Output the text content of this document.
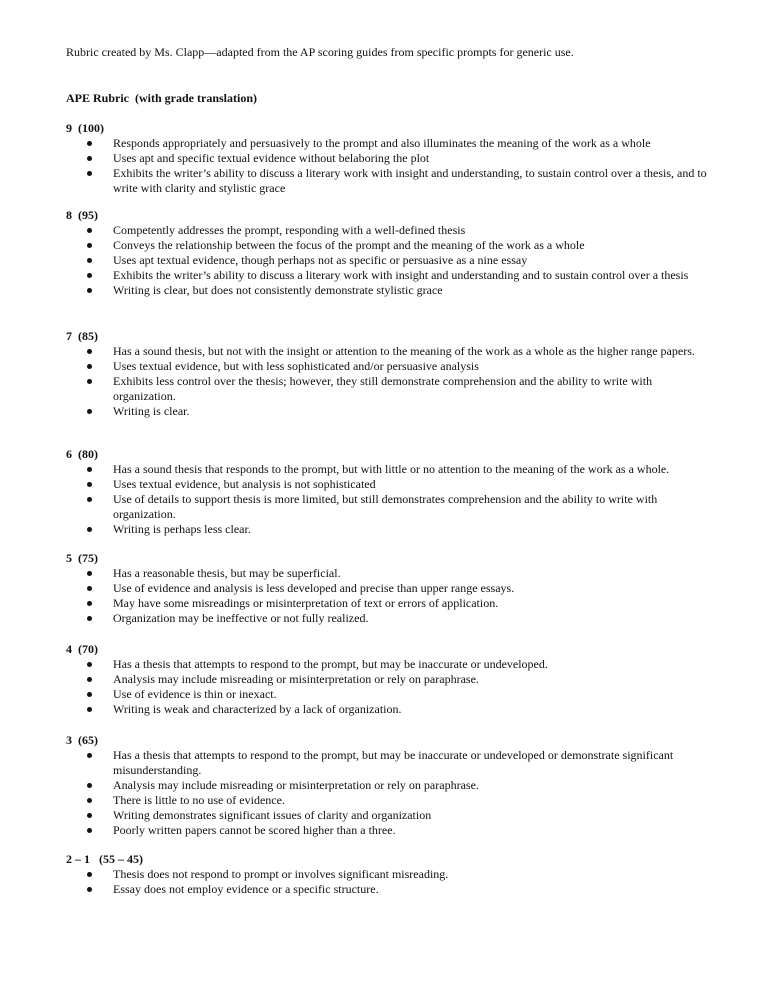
Rubric created by Ms. Clapp—adapted from the AP scoring guides from specific prompts for generic use.

APE Rubric  (with grade translation)

9  (100)
Responds appropriately and persuasively to the prompt and also illuminates the meaning of the work as a whole
Uses apt and specific textual evidence without belaboring the plot
Exhibits the writer’s ability to discuss a literary work with insight and understanding, to sustain control over a thesis, and to write with clarity and stylistic grace
8  (95)
Competently addresses the prompt, responding with a well-defined thesis
Conveys the relationship between the focus of the prompt and the meaning of the work as a whole
Uses apt textual evidence, though perhaps not as specific or persuasive as a nine essay
Exhibits the writer’s ability to discuss a literary work with insight and understanding and to sustain control over a thesis
Writing is clear, but does not consistently demonstrate stylistic grace
7  (85)
Has a sound thesis, but not with the insight or attention to the meaning of the work as a whole as the higher range papers.
Uses textual evidence, but with less sophisticated and/or persuasive analysis
Exhibits less control over the thesis; however, they still demonstrate comprehension and the ability to write with organization.
Writing is clear.
6  (80)
Has a sound thesis that responds to the prompt, but with little or no attention to the meaning of the work as a whole.
Uses textual evidence, but analysis is not sophisticated
Use of details to support thesis is more limited, but still demonstrates comprehension and the ability to write with organization.
Writing is perhaps less clear.
5  (75)
Has a reasonable thesis, but may be superficial.
Use of evidence and analysis is less developed and precise than upper range essays.
May have some misreadings or misinterpretation of text or errors of application.
Organization may be ineffective or not fully realized.
4  (70)
Has a thesis that attempts to respond to the prompt, but may be inaccurate or undeveloped.
Analysis may include misreading or misinterpretation or rely on paraphrase.
Use of evidence is thin or inexact.
Writing is weak and characterized by a lack of organization.
3  (65)
Has a thesis that attempts to respond to the prompt, but may be inaccurate or undeveloped or demonstrate significant misunderstanding.
Analysis may include misreading or misinterpretation or rely on paraphrase.
There is little to no use of evidence.
Writing demonstrates significant issues of clarity and organization
Poorly written papers cannot be scored higher than a three.
2 – 1   (55 – 45)
Thesis does not respond to prompt or involves significant misreading.
Essay does not employ evidence or a specific structure.
